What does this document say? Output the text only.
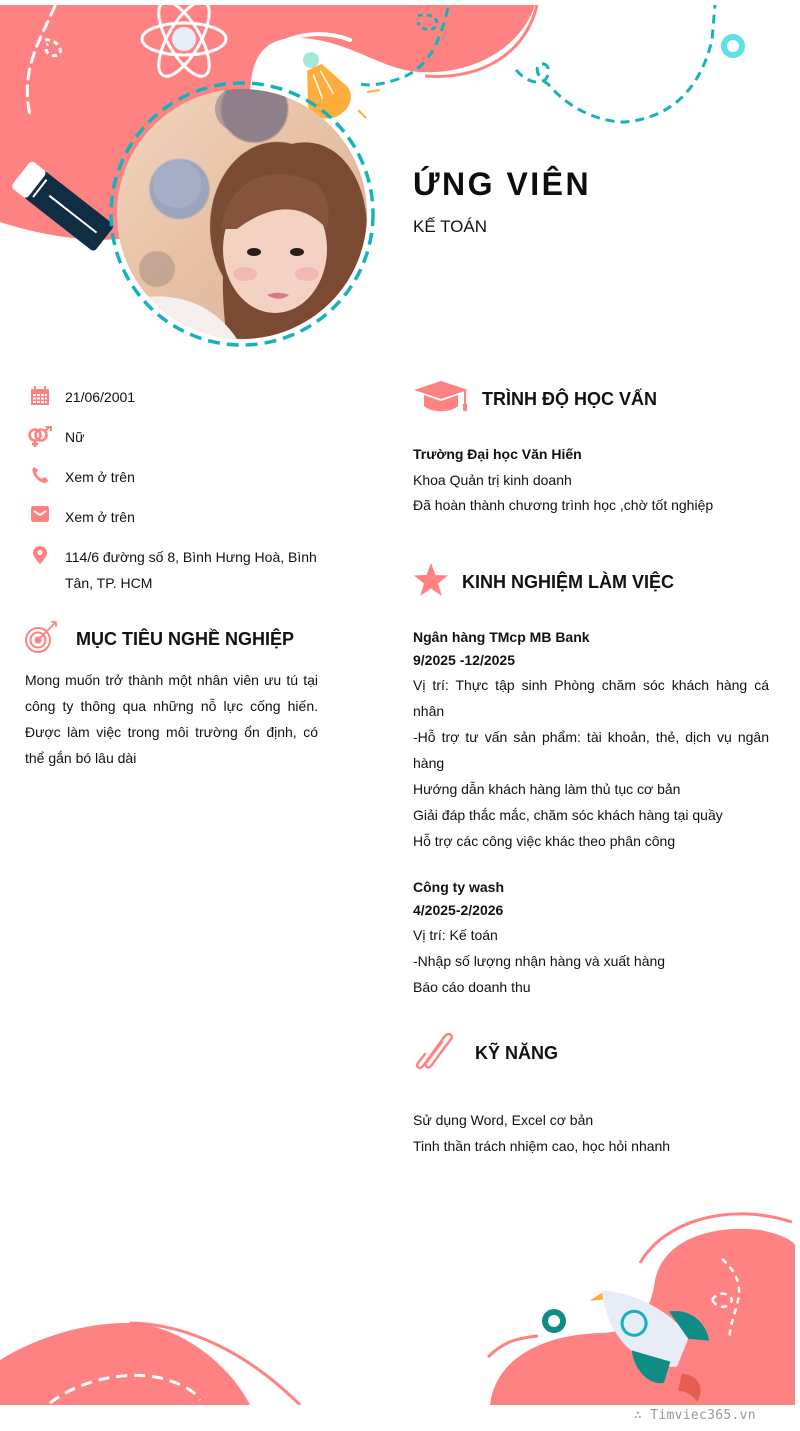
ỨNG VIÊN
KẾ TOÁN
21/06/2001
Nữ
Xem ở trên
Xem ở trên
114/6 đường số 8, Bình Hưng Hoà, Bình Tân, TP. HCM
MỤC TIÊU NGHỀ NGHIỆP
Mong muốn trở thành một nhân viên ưu tú tại công ty thông qua những nỗ lực cống hiến. Được làm việc trong môi trường ổn định, có thể gắn bó lâu dài
TRÌNH ĐỘ HỌC VẤN
Trường Đại học Văn Hiến
Khoa Quản trị kinh doanh
Đã hoàn thành chương trình học ,chờ tốt nghiệp
KINH NGHIỆM LÀM VIỆC
Ngân hàng TMcp MB Bank
9/2025 -12/2025
Vị trí: Thực tập sinh Phòng chăm sóc khách hàng cá nhân
-Hỗ trợ tư vấn sản phẩm: tài khoản, thẻ, dịch vụ ngân hàng
Hướng dẫn khách hàng làm thủ tục cơ bản
Giải đáp thắc mắc, chăm sóc khách hàng tại quầy
Hỗ trợ các công việc khác theo phân công
Công ty wash
4/2025-2/2026
Vị trí: Kế toán
-Nhập số lượng nhận hàng và xuất hàng
Báo cáo doanh thu
KỸ NĂNG
Sử dụng Word, Excel cơ bản
Tinh thần trách nhiệm cao, học hỏi nhanh
∴ Timviec365.vn
